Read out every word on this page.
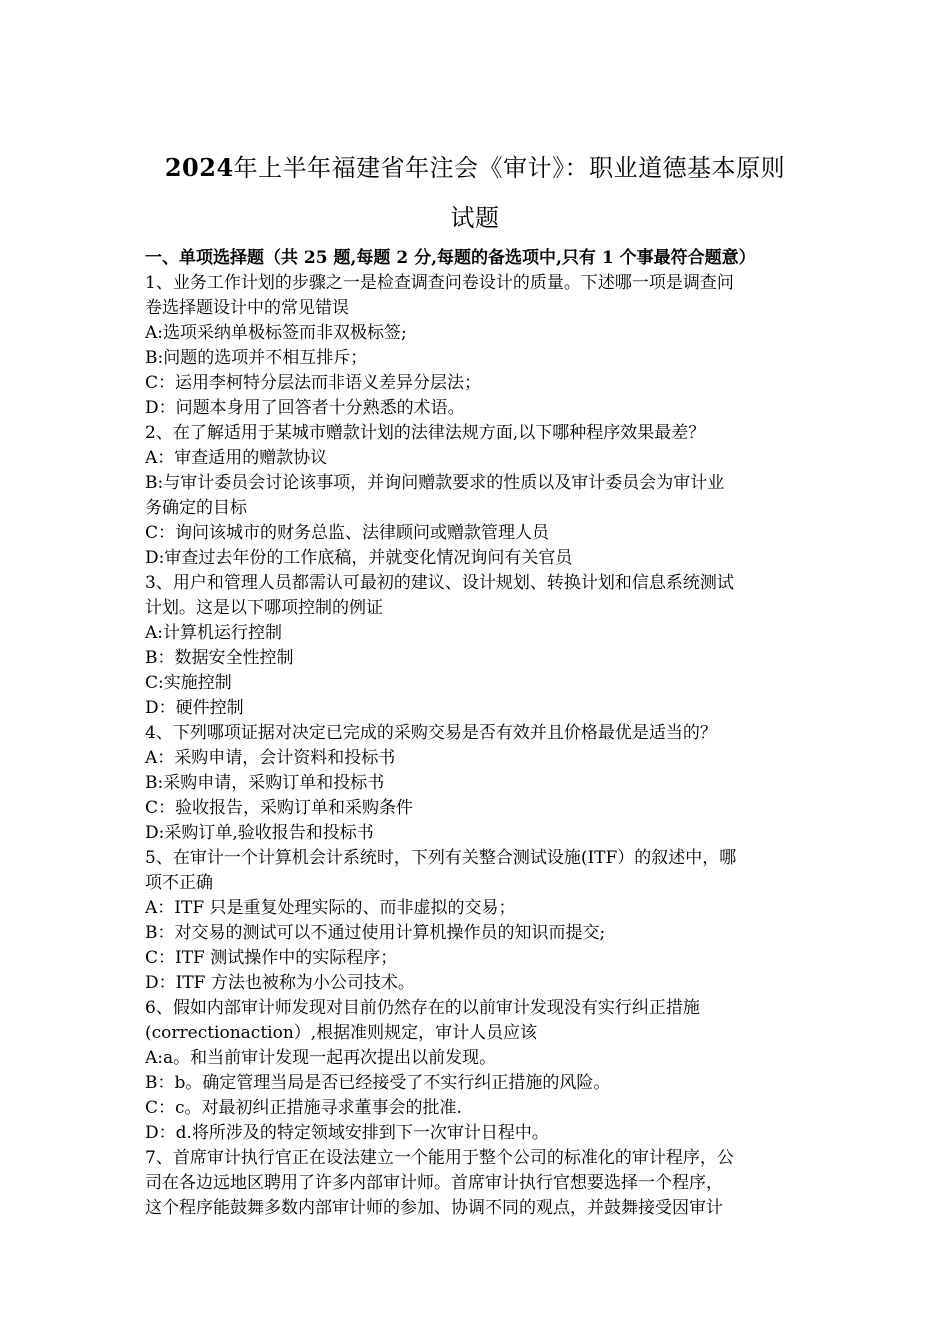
2024年上半年福建省年注会《审计》：职业道德基本原则
试题
一、单项选择题（共 25 题,每题 2 分,每题的备选项中,只有 1 个事最符合题意）
1、业务工作计划的步骤之一是检查调查问卷设计的质量。下述哪一项是调查问
卷选择题设计中的常见错误
A:选项采纳单极标签而非双极标签;
B:问题的选项并不相互排斥；
C：运用李柯特分层法而非语义差异分层法；
D：问题本身用了回答者十分熟悉的术语。
2、在了解适用于某城市赠款计划的法律法规方面,以下哪种程序效果最差？
A：审查适用的赠款协议
B:与审计委员会讨论该事项，并询问赠款要求的性质以及审计委员会为审计业
务确定的目标
C：询问该城市的财务总监、法律顾问或赠款管理人员
D:审查过去年份的工作底稿，并就变化情况询问有关官员
3、用户和管理人员都需认可最初的建议、设计规划、转换计划和信息系统测试
计划。这是以下哪项控制的例证
A:计算机运行控制
B：数据安全性控制
C:实施控制
D：硬件控制
4、下列哪项证据对决定已完成的采购交易是否有效并且价格最优是适当的？
A：采购申请，会计资料和投标书
B:采购申请，采购订单和投标书
C：验收报告，采购订单和采购条件
D:采购订单,验收报告和投标书
5、在审计一个计算机会计系统时，下列有关整合测试设施(ITF）的叙述中，哪
项不正确
A：ITF 只是重复处理实际的、而非虚拟的交易；
B：对交易的测试可以不通过使用计算机操作员的知识而提交;
C：ITF 测试操作中的实际程序；
D：ITF 方法也被称为小公司技术。
6、假如内部审计师发现对目前仍然存在的以前审计发现没有实行纠正措施
(correctionaction）,根据准则规定，审计人员应该
A:a。和当前审计发现一起再次提出以前发现。
B：b。确定管理当局是否已经接受了不实行纠正措施的风险。
C：c。对最初纠正措施寻求董事会的批准.
D：d.将所涉及的特定领域安排到下一次审计日程中。
7、首席审计执行官正在设法建立一个能用于整个公司的标准化的审计程序，公
司在各边远地区聘用了许多内部审计师。首席审计执行官想要选择一个程序，
这个程序能鼓舞多数内部审计师的参加、协调不同的观点，并鼓舞接受因审计
